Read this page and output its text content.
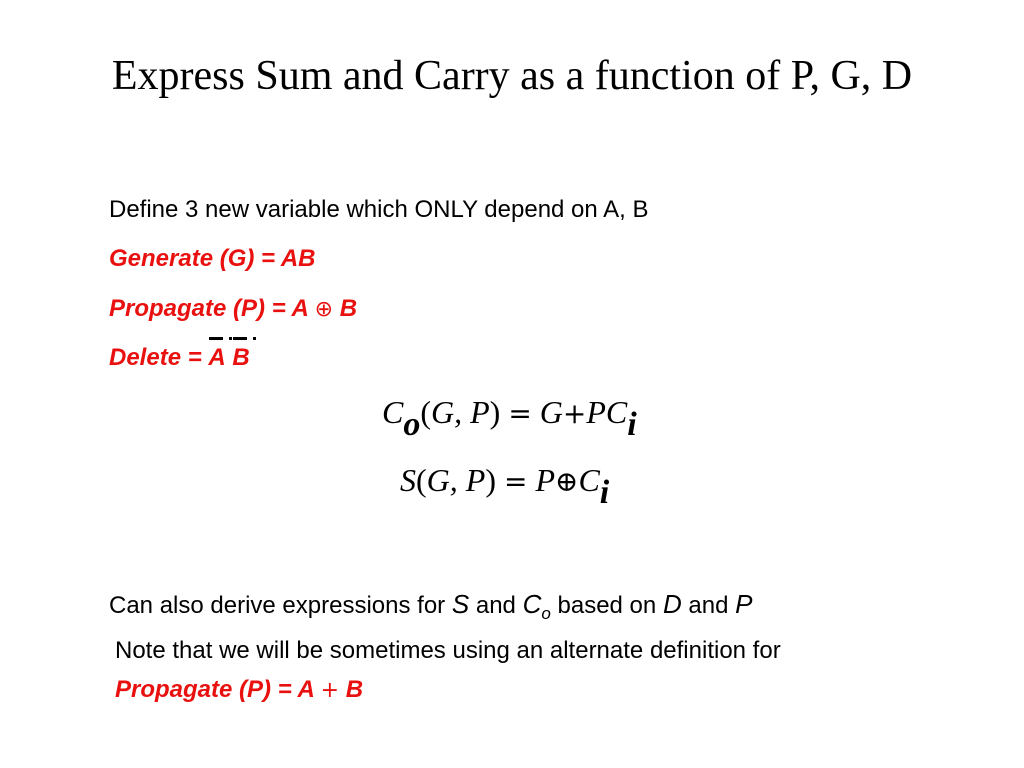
Express Sum and Carry as a function of P, G, D
Define 3 new variable which ONLY depend on A, B
Generate (G) = AB
Propagate (P) = A ⊕ B
Delete = A B
Co(G, P) = G+PCi
S(G, P) = P⊕Ci
Can also derive expressions for S and $C_o$ based on D and P
Note that we will be sometimes using an alternate definition for
Propagate (P) = A + B
